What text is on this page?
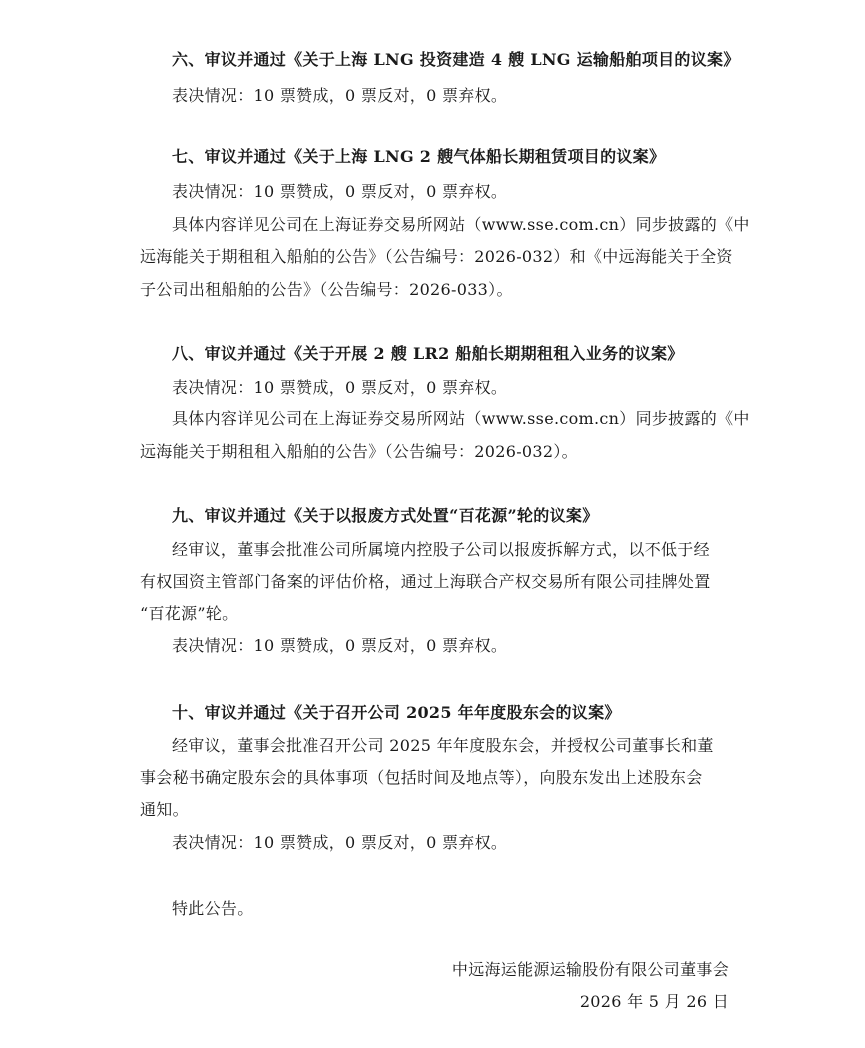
六、审议并通过《关于上海 LNG 投资建造 4 艘 LNG 运输船舶项目的议案》
表决情况：10 票赞成，0 票反对，0 票弃权。
七、审议并通过《关于上海 LNG 2 艘气体船长期租赁项目的议案》
表决情况：10 票赞成，0 票反对，0 票弃权。
具体内容详见公司在上海证券交易所网站（www.sse.com.cn）同步披露的《中
远海能关于期租租入船舶的公告》（公告编号：2026-032）和《中远海能关于全资
子公司出租船舶的公告》（公告编号：2026-033）。
八、审议并通过《关于开展 2 艘 LR2 船舶长期期租租入业务的议案》
表决情况：10 票赞成，0 票反对，0 票弃权。
具体内容详见公司在上海证券交易所网站（www.sse.com.cn）同步披露的《中
远海能关于期租租入船舶的公告》（公告编号：2026-032）。
九、审议并通过《关于以报废方式处置“百花源”轮的议案》
经审议，董事会批准公司所属境内控股子公司以报废拆解方式，以不低于经
有权国资主管部门备案的评估价格，通过上海联合产权交易所有限公司挂牌处置
“百花源”轮。
表决情况：10 票赞成，0 票反对，0 票弃权。
十、审议并通过《关于召开公司 2025 年年度股东会的议案》
经审议，董事会批准召开公司 2025 年年度股东会，并授权公司董事长和董
事会秘书确定股东会的具体事项（包括时间及地点等），向股东发出上述股东会
通知。
表决情况：10 票赞成，0 票反对，0 票弃权。
特此公告。
中远海运能源运输股份有限公司董事会
2026 年 5 月 26 日
